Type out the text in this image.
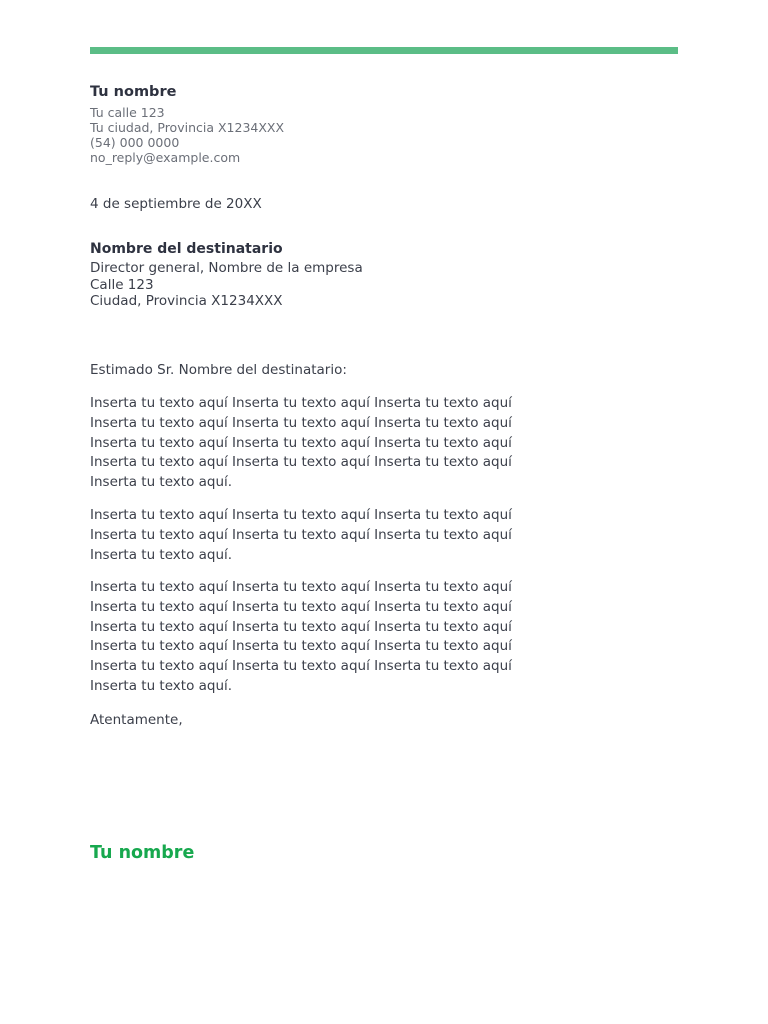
Tu nombre
Tu calle 123
Tu ciudad, Provincia X1234XXX
(54) 000 0000
no_reply@example.com
4 de septiembre de 20XX
Nombre del destinatario
Director general, Nombre de la empresa
Calle 123
Ciudad, Provincia X1234XXX
Estimado Sr. Nombre del destinatario:
Inserta tu texto aquí Inserta tu texto aquí Inserta tu texto aquí
Inserta tu texto aquí Inserta tu texto aquí Inserta tu texto aquí
Inserta tu texto aquí Inserta tu texto aquí Inserta tu texto aquí
Inserta tu texto aquí Inserta tu texto aquí Inserta tu texto aquí
Inserta tu texto aquí.
Inserta tu texto aquí Inserta tu texto aquí Inserta tu texto aquí
Inserta tu texto aquí Inserta tu texto aquí Inserta tu texto aquí
Inserta tu texto aquí.
Inserta tu texto aquí Inserta tu texto aquí Inserta tu texto aquí
Inserta tu texto aquí Inserta tu texto aquí Inserta tu texto aquí
Inserta tu texto aquí Inserta tu texto aquí Inserta tu texto aquí
Inserta tu texto aquí Inserta tu texto aquí Inserta tu texto aquí
Inserta tu texto aquí Inserta tu texto aquí Inserta tu texto aquí
Inserta tu texto aquí.
Atentamente,
Tu nombre
